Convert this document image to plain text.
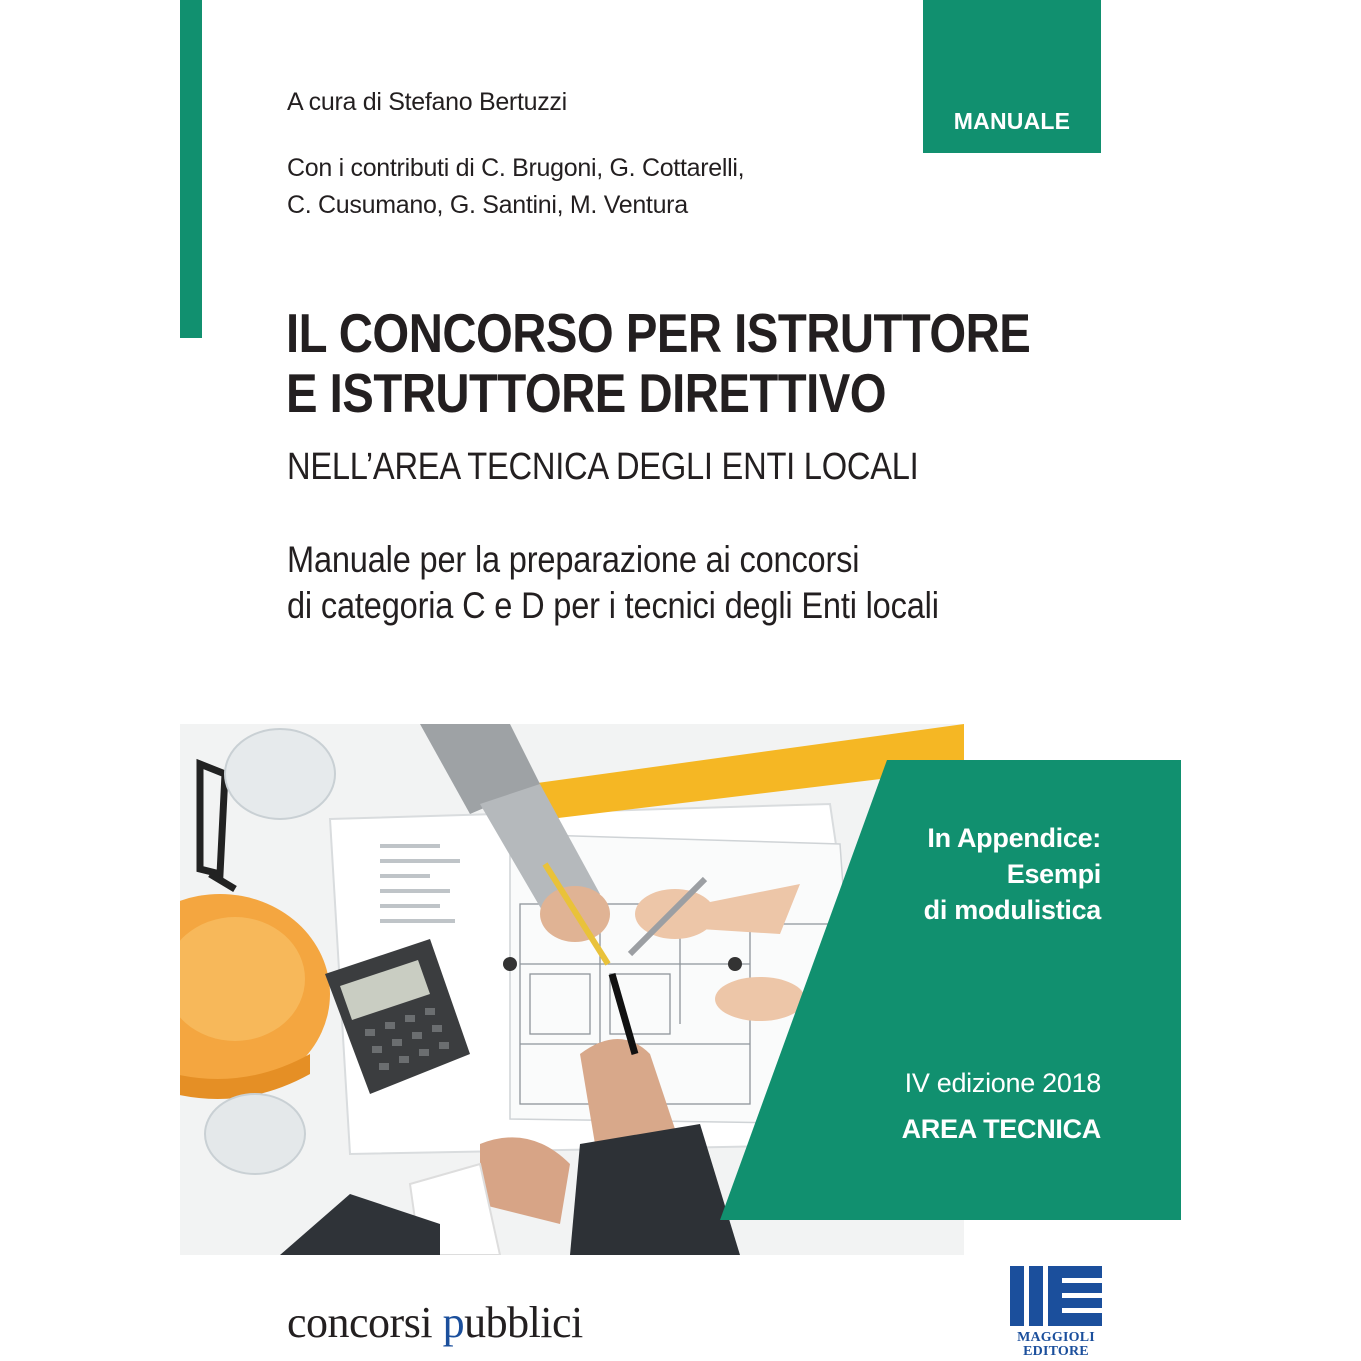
MANUALE
A cura di Stefano Bertuzzi
Con i contributi di C. Brugoni, G. Cottarelli,
C. Cusumano, G. Santini, M. Ventura
IL CONCORSO PER ISTRUTTORE
E ISTRUTTORE DIRETTIVO
NELL’AREA TECNICA DEGLI ENTI LOCALI
Manuale per la preparazione ai concorsi
di categoria C e D per i tecnici degli Enti locali
In Appendice:
Esempi
di modulistica
IV edizione 2018
AREA TECNICA
concorsi pubblici	MAGGIOLI
EDITORE
